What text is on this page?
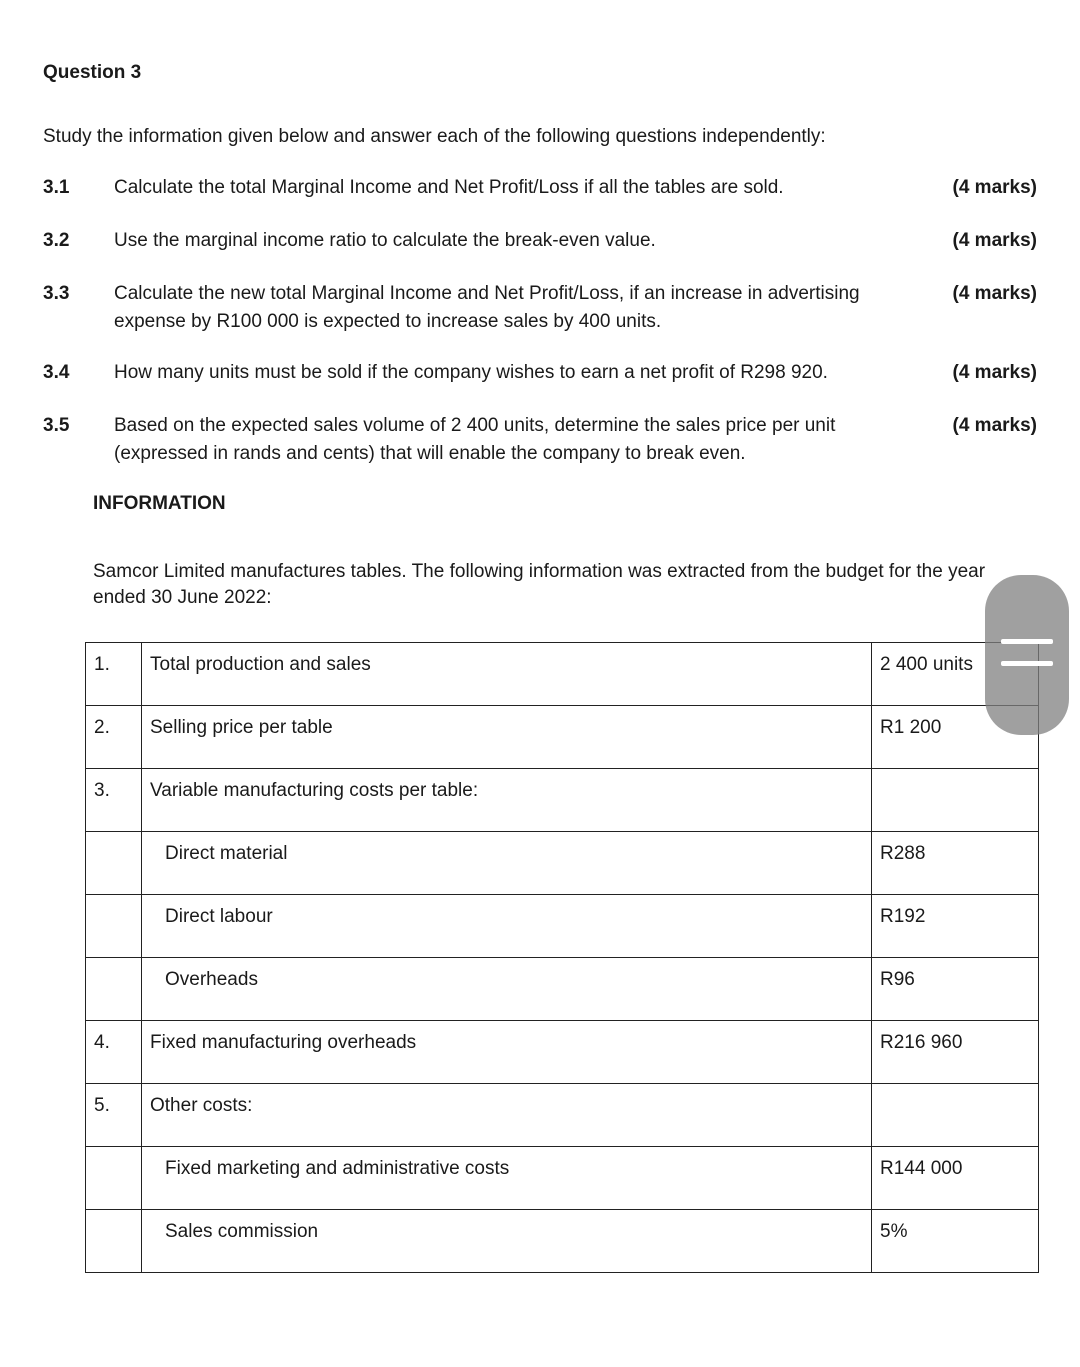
Question 3
Study the information given below and answer each of the following questions independently:
3.1 Calculate the total Marginal Income and Net Profit/Loss if all the tables are sold.	(4 marks)
3.2 Use the marginal income ratio to calculate the break-even value.	(4 marks)
3.3 Calculate the new total Marginal Income and Net Profit/Loss, if an increase in advertising expense by R100 000 is expected to increase sales by 400 units.
(4 marks)
3.4 How many units must be sold if the company wishes to earn a net profit of R298 920.	(4 marks)
3.5 Based on the expected sales volume of 2 400 units, determine the sales price per unit (expressed in rands and cents) that will enable the company to break even.
(4 marks)
INFORMATION
Samcor Limited manufactures tables. The following information was extracted from the budget for the year ended 30 June 2022:
1.	Total production and sales	2 400 units
2.	Selling price per table	R1 200
3.	Variable manufacturing costs per table:	
	Direct material	R288
	Direct labour	R192
	Overheads	R96
4.	Fixed manufacturing overheads	R216 960
5.	Other costs:	
	Fixed marketing and administrative costs	R144 000
	Sales commission	5%
